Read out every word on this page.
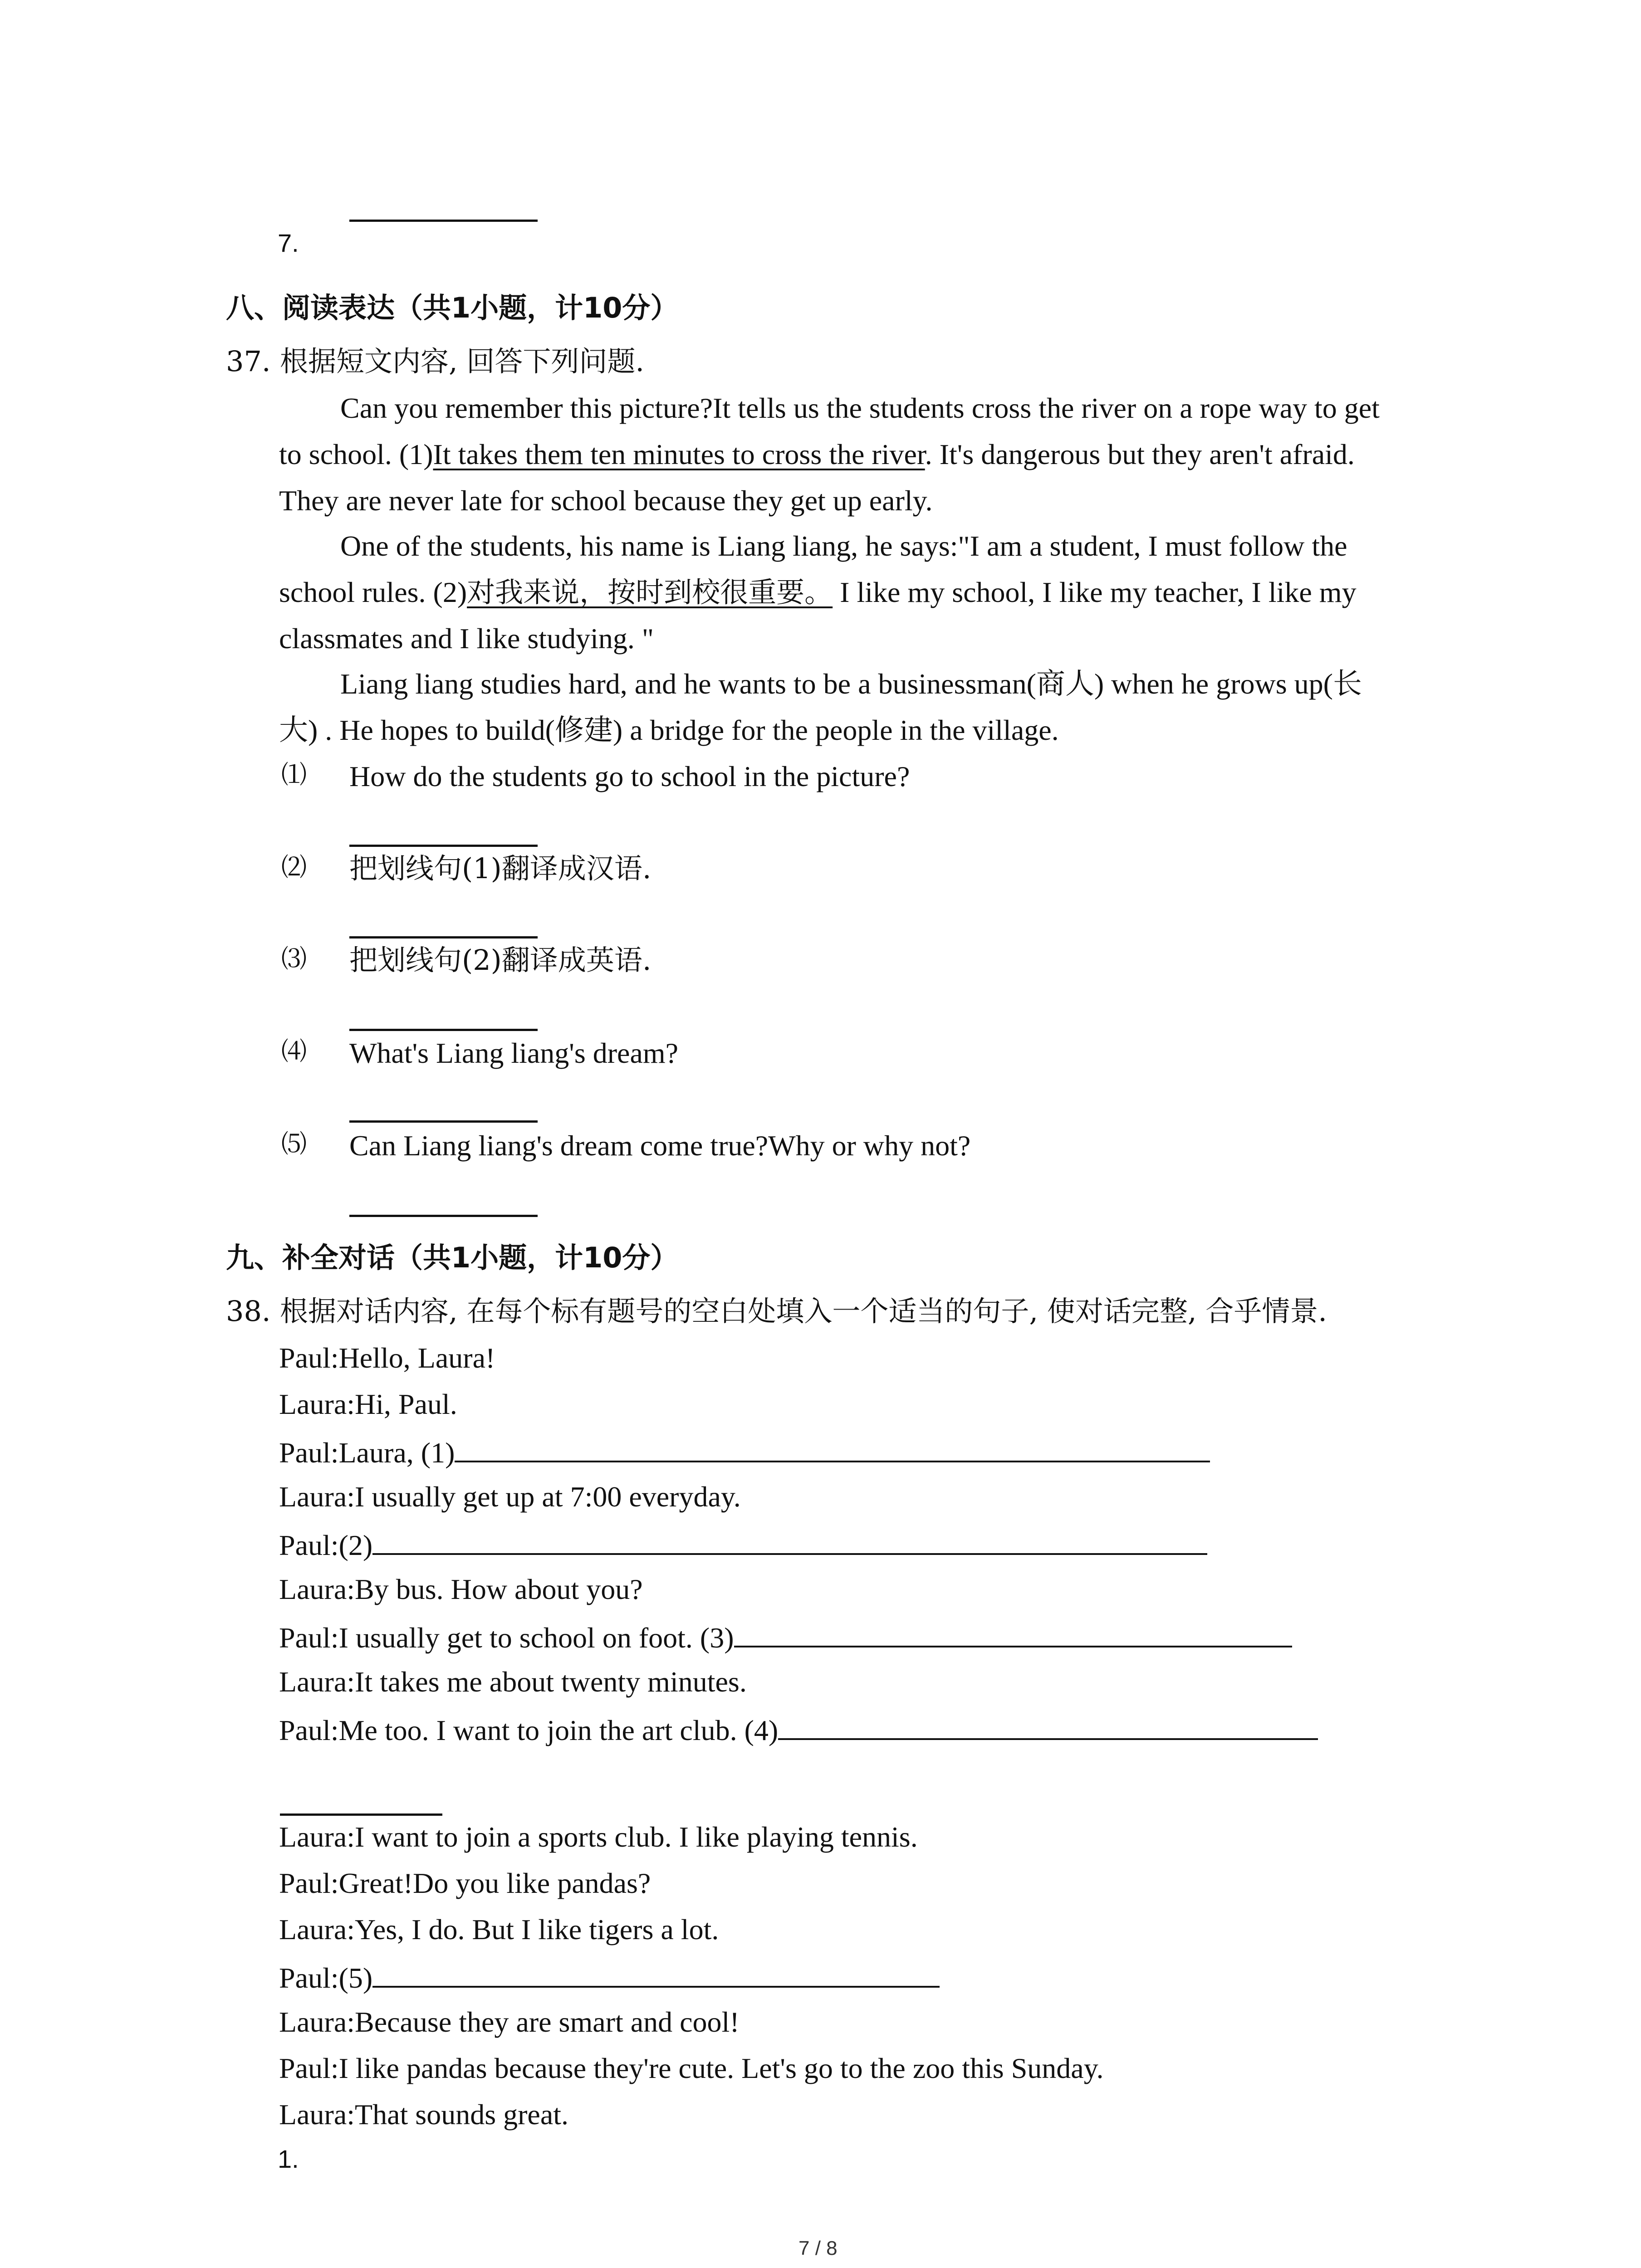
7.
八、阅读表达（共1小题，计10分）
37. 根据短文内容, 回答下列问题.
Can you remember this picture?It tells us the students cross the river on a rope way to get
to school. (1)It takes them ten minutes to cross the river. It's dangerous but they aren't afraid.
They are never late for school because they get up early.
One of the students, his name is Liang liang, he says:"I am a student, I must follow the
school rules. (2)对我来说，按时到校很重要。 I like my school, I like my teacher, I like my
classmates and I like studying. "
Liang liang studies hard, and he wants to be a businessman(商人) when he grows up(长
大) . He hopes to build(修建) a bridge for the people in the village.
⑴ How do the students go to school in the picture?
⑵ 把划线句(1)翻译成汉语.
⑶ 把划线句(2)翻译成英语.
⑷ What's Liang liang's dream?
⑸ Can Liang liang's dream come true?Why or why not?
九、补全对话（共1小题，计10分）
38. 根据对话内容, 在每个标有题号的空白处填入一个适当的句子, 使对话完整, 合乎情景.
Paul:Hello, Laura!
Laura:Hi, Paul.
Paul:Laura, (1)
Laura:I usually get up at 7:00 everyday.
Paul:(2)
Laura:By bus. How about you?
Paul:I usually get to school on foot. (3)
Laura:It takes me about twenty minutes.
Paul:Me too. I want to join the art club. (4)
Laura:I want to join a sports club. I like playing tennis.
Paul:Great!Do you like pandas?
Laura:Yes, I do. But I like tigers a lot.
Paul:(5)
Laura:Because they are smart and cool!
Paul:I like pandas because they're cute. Let's go to the zoo this Sunday.
Laura:That sounds great.
1.
7 / 8
